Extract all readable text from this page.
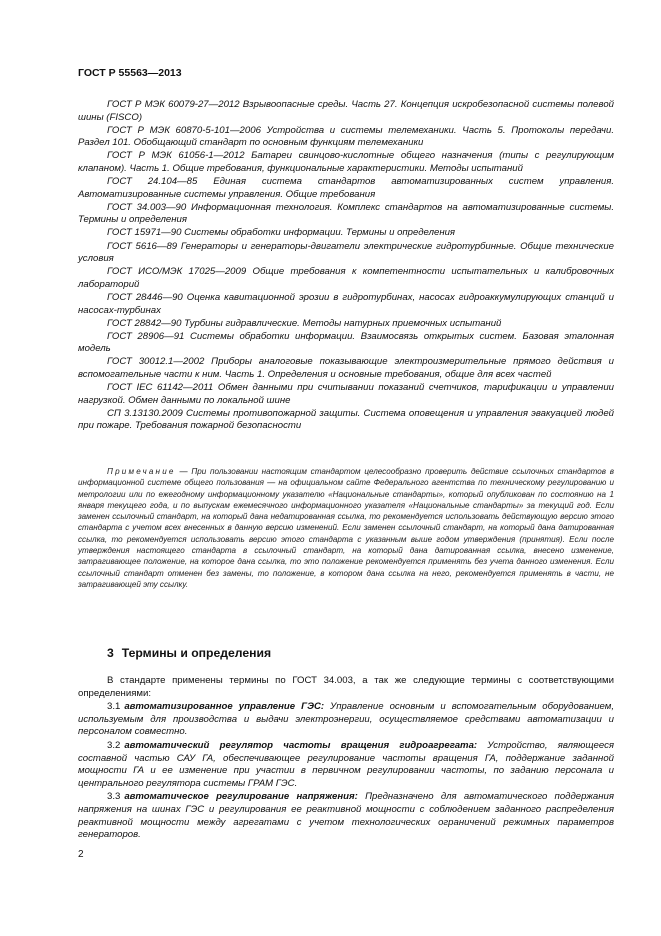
ГОСТ Р 55563—2013

ГОСТ Р МЭК 60079-27—2012 Взрывоопасные среды. Часть 27. Концепция искробезопасной системы полевой шины (FISCO)

ГОСТ Р МЭК 60870-5-101—2006 Устройства и системы телемеханики. Часть 5. Протоколы передачи. Раздел 101. Обобщающий стандарт по основным функциям телемеханики

ГОСТ Р МЭК 61056-1—2012 Батареи свинцово-кислотные общего назначения (типы с регулирующим клапаном). Часть 1. Общие требования, функциональные характеристики. Методы испытаний

ГОСТ 24.104—85 Единая система стандартов автоматизированных систем управления. Автоматизированные системы управления. Общие требования

ГОСТ 34.003—90 Информационная технология. Комплекс стандартов на автоматизированные системы. Термины и определения

ГОСТ 15971—90 Системы обработки информации. Термины и определения

ГОСТ 5616—89 Генераторы и генераторы-двигатели электрические гидротурбинные. Общие технические условия

ГОСТ ИСО/МЭК 17025—2009 Общие требования к компетентности испытательных и калибровочных лабораторий

ГОСТ 28446—90 Оценка кавитационной эрозии в гидротурбинах, насосах гидроаккумулирующих станций и насосах-турбинах

ГОСТ 28842—90 Турбины гидравлические. Методы натурных приемочных испытаний

ГОСТ 28906—91 Системы обработки информации. Взаимосвязь открытых систем. Базовая эталонная модель

ГОСТ 30012.1—2002 Приборы аналоговые показывающие электроизмерительные прямого действия и вспомогательные части к ним. Часть 1. Определения и основные требования, общие для всех частей

ГОСТ IEC 61142—2011 Обмен данными при считывании показаний счетчиков, тарификации и управлении нагрузкой. Обмен данными по локальной шине

СП 3.13130.2009 Системы противопожарной защиты. Система оповещения и управления эвакуацией людей при пожаре. Требования пожарной безопасности

Примечание — При пользовании настоящим стандартом целесообразно проверить действие ссылочных стандартов в информационной системе общего пользования — на официальном сайте Федерального агентства по техническому регулированию и метрологии или по ежегодному информационному указателю «Национальные стандарты», который опубликован по состоянию на 1 января текущего года, и по выпускам ежемесячного информационного указателя «Национальные стандарты» за текущий год. Если заменен ссылочный стандарт, на который дана недатированная ссылка, то рекомендуется использовать действующую версию этого стандарта с учетом всех внесенных в данную версию изменений. Если заменен ссылочный стандарт, на который дана датированная ссылка, то рекомендуется использовать версию этого стандарта с указанным выше годом утверждения (принятия). Если после утверждения настоящего стандарта в ссылочный стандарт, на который дана датированная ссылка, внесено изменение, затрагивающее положение, на которое дана ссылка, то это положение рекомендуется применять без учета данного изменения. Если ссылочный стандарт отменен без замены, то положение, в котором дана ссылка на него, рекомендуется применять в части, не затрагивающей эту ссылку.
3 Термины и определения

В стандарте применены термины по ГОСТ 34.003, а так же следующие термины с соответствующими определениями:

3.1 автоматизированное управление ГЭС: Управление основным и вспомогательным оборудованием, используемым для производства и выдачи электроэнергии, осуществляемое средствами автоматизации и персоналом совместно.

3.2 автоматический регулятор частоты вращения гидроагрегата: Устройство, являющееся составной частью САУ ГА, обеспечивающее регулирование частоты вращения ГА, поддержание заданной мощности ГА и ее изменение при участии в первичном регулировании частоты, по заданию персонала и центрального регулятора системы ГРАМ ГЭС.

3.3 автоматическое регулирование напряжения: Предназначено для автоматического поддержания напряжения на шинах ГЭС и регулирования ее реактивной мощности с соблюдением заданного распределения реактивной мощности между агрегатами с учетом технологических ограничений режимных параметров генераторов.

2
